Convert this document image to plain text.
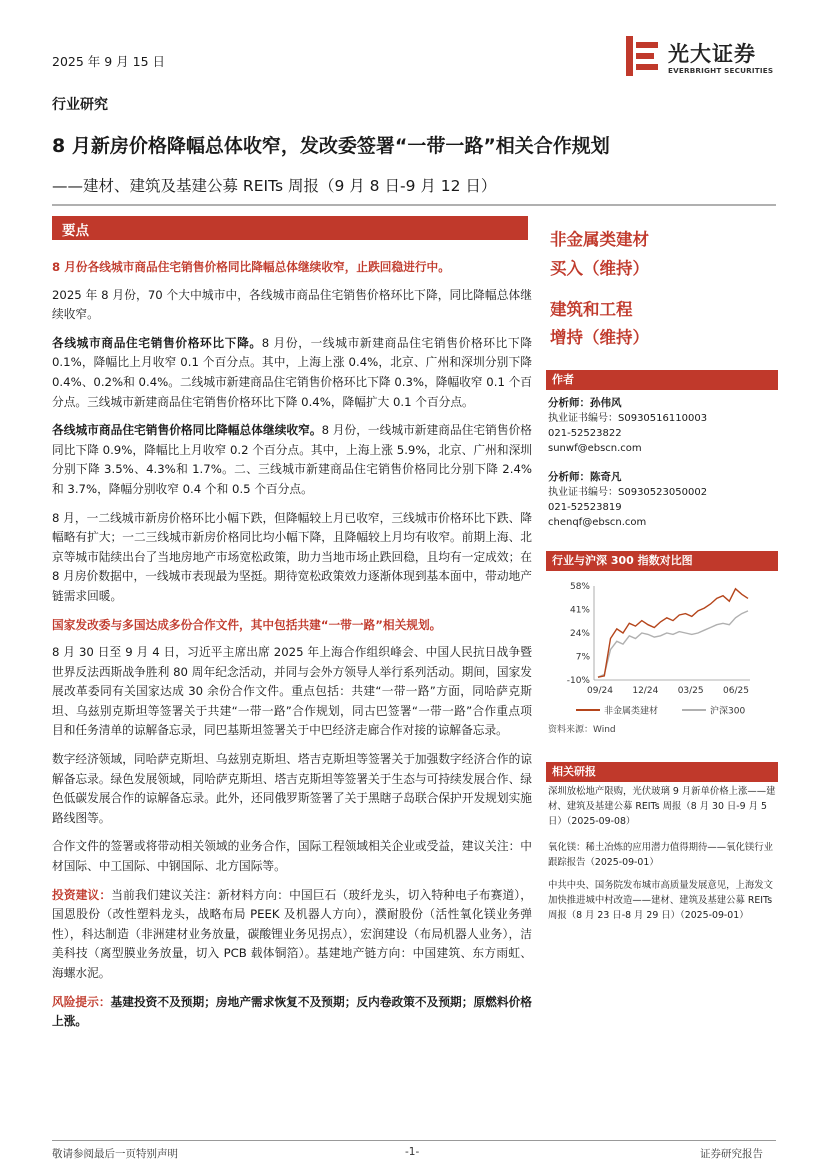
2025 年 9 月 15 日	光大证券
EVERBRIGHT SECURITIES
行业研究
8 月新房价格降幅总体收窄，发改委签署“一带一路”相关合作规划
——建材、建筑及基建公募 REITs 周报（9 月 8 日-9 月 12 日）
要点

8 月份各线城市商品住宅销售价格同比降幅总体继续收窄，止跌回稳进行中。

2025 年 8 月份，70 个大中城市中，各线城市商品住宅销售价格环比下降，同比降幅总体继续收窄。

各线城市商品住宅销售价格环比下降。8 月份，一线城市新建商品住宅销售价格环比下降 0.1%，降幅比上月收窄 0.1 个百分点。其中，上海上涨 0.4%，北京、广州和深圳分别下降 0.4%、0.2%和 0.4%。二线城市新建商品住宅销售价格环比下降 0.3%，降幅收窄 0.1 个百分点。三线城市新建商品住宅销售价格环比下降 0.4%，降幅扩大 0.1 个百分点。

各线城市商品住宅销售价格同比降幅总体继续收窄。8 月份，一线城市新建商品住宅销售价格同比下降 0.9%，降幅比上月收窄 0.2 个百分点。其中，上海上涨 5.9%，北京、广州和深圳分别下降 3.5%、4.3%和 1.7%。二、三线城市新建商品住宅销售价格同比分别下降 2.4%和 3.7%，降幅分别收窄 0.4 个和 0.5 个百分点。

8 月，一二线城市新房价格环比小幅下跌，但降幅较上月已收窄，三线城市价格环比下跌、降幅略有扩大；一二三线城市新房价格同比均小幅下降，且降幅较上月均有收窄。前期上海、北京等城市陆续出台了当地房地产市场宽松政策，助力当地市场止跌回稳，且均有一定成效；在 8 月房价数据中，一线城市表现最为坚挺。期待宽松政策效力逐渐体现到基本面中，带动地产链需求回暖。

国家发改委与多国达成多份合作文件，其中包括共建“一带一路”相关规划。

8 月 30 日至 9 月 4 日，习近平主席出席 2025 年上海合作组织峰会、中国人民抗日战争暨世界反法西斯战争胜利 80 周年纪念活动，并同与会外方领导人举行系列活动。期间，国家发展改革委同有关国家达成 30 余份合作文件。重点包括：共建“一带一路”方面，同哈萨克斯坦、乌兹别克斯坦等签署关于共建“一带一路”合作规划，同古巴签署“一带一路”合作重点项目和任务清单的谅解备忘录，同巴基斯坦签署关于中巴经济走廊合作对接的谅解备忘录。

数字经济领域，同哈萨克斯坦、乌兹别克斯坦、塔吉克斯坦等签署关于加强数字经济合作的谅解备忘录。绿色发展领域，同哈萨克斯坦、塔吉克斯坦等签署关于生态与可持续发展合作、绿色低碳发展合作的谅解备忘录。此外，还同俄罗斯签署了关于黑瞎子岛联合保护开发规划实施路线图等。

合作文件的签署或将带动相关领域的业务合作，国际工程领域相关企业或受益，建议关注：中材国际、中工国际、中钢国际、北方国际等。

投资建议：当前我们建议关注：新材料方向：中国巨石（玻纤龙头，切入特种电子布赛道），国恩股份（改性塑料龙头，战略布局 PEEK 及机器人方向），濮耐股份（活性氧化镁业务弹性），科达制造（非洲建材业务放量，碳酸锂业务见拐点），宏润建设（布局机器人业务），洁美科技（离型膜业务放量，切入 PCB 载体铜箔）。基建地产链方向：中国建筑、东方雨虹、海螺水泥。

风险提示：基建投资不及预期；房地产需求恢复不及预期；反内卷政策不及预期；原燃料价格上涨。

非金属类建材
买入（维持）
建筑和工程
增持（维持）
作者
分析师：孙伟风
执业证书编号：S0930516110003
021-52523822
sunwf@ebscn.com
分析师：陈奇凡
执业证书编号：S0930523050002
021-52523819
chenqf@ebscn.com
行业与沪深 300 指数对比图
58%
41%
24%
7%
-10%
09/24 12/24 03/25 06/25
非金属类建材	沪深300
资料来源：Wind
相关研报
深圳放松地产限购，光伏玻璃 9 月新单价格上涨——建材、建筑及基建公募 REITs 周报（8 月 30 日-9 月 5 日）（2025-09-08）
氧化镁：稀土冶炼的应用潜力值得期待——氧化镁行业跟踪报告（2025-09-01）
中共中央、国务院发布城市高质量发展意见，上海发文加快推进城中村改造——建材、建筑及基建公募 REITs 周报（8 月 23 日-8 月 29 日）（2025-09-01）
敬请参阅最后一页特别声明	-1-	证券研究报告
